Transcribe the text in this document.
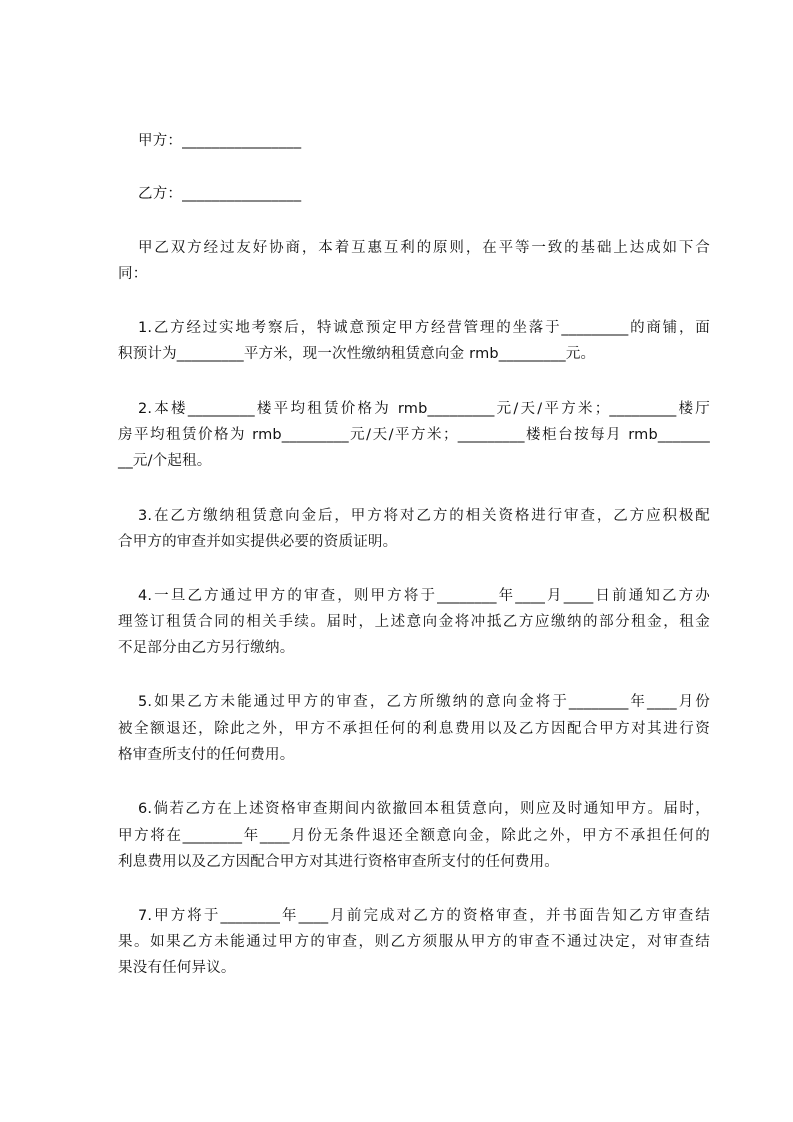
甲方：________________
乙方：________________
甲乙双方经过友好协商，本着互惠互利的原则，在平等一致的基础上达成如下合
同：
1.乙方经过实地考察后，特诚意预定甲方经营管理的坐落于_________的商铺，面
积预计为_________平方米，现一次性缴纳租赁意向金 rmb_________元。
2.本楼_________楼平均租赁价格为 rmb_________元/天/平方米；_________楼厅
房平均租赁价格为 rmb_________元/天/平方米；_________楼柜台按每月 rmb_______
__元/个起租。
3.在乙方缴纳租赁意向金后，甲方将对乙方的相关资格进行审查，乙方应积极配
合甲方的审查并如实提供必要的资质证明。
4.一旦乙方通过甲方的审查，则甲方将于________年____月____日前通知乙方办
理签订租赁合同的相关手续。届时，上述意向金将冲抵乙方应缴纳的部分租金，租金
不足部分由乙方另行缴纳。
5.如果乙方未能通过甲方的审查，乙方所缴纳的意向金将于________年____月份
被全额退还，除此之外，甲方不承担任何的利息费用以及乙方因配合甲方对其进行资
格审查所支付的任何费用。
6.倘若乙方在上述资格审查期间内欲撤回本租赁意向，则应及时通知甲方。届时，
甲方将在________年____月份无条件退还全额意向金，除此之外，甲方不承担任何的
利息费用以及乙方因配合甲方对其进行资格审查所支付的任何费用。
7.甲方将于________年____月前完成对乙方的资格审查，并书面告知乙方审查结
果。如果乙方未能通过甲方的审查，则乙方须服从甲方的审查不通过决定，对审查结
果没有任何异议。
